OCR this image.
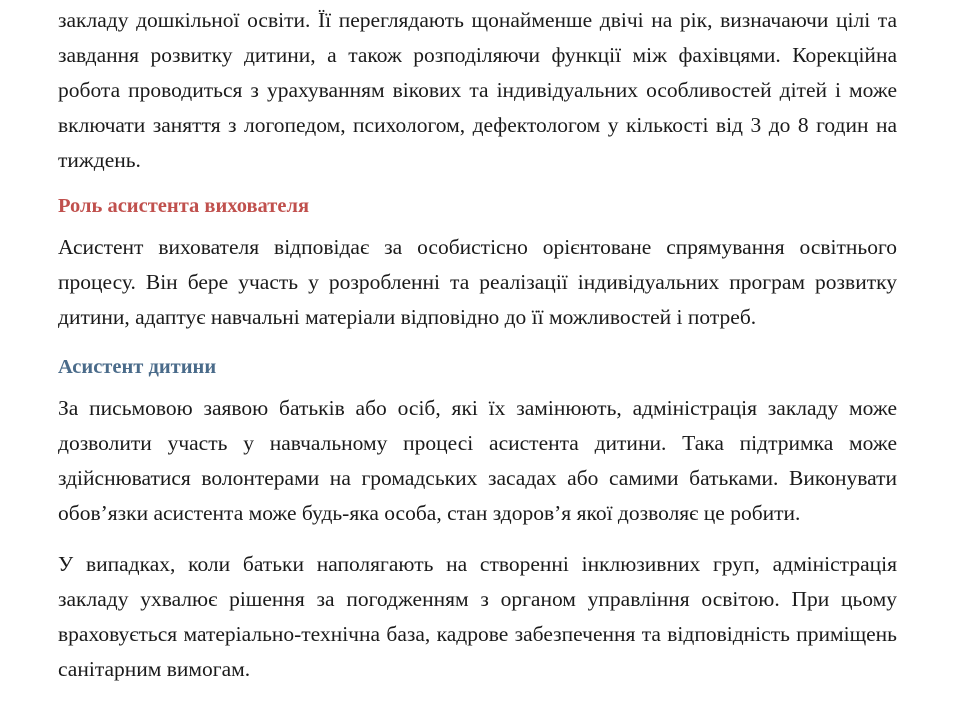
закладу дошкільної освіти. Її переглядають щонайменше двічі на рік, визначаючи цілі та завдання розвитку дитини, а також розподіляючи функції між фахівцями. Корекційна робота проводиться з урахуванням вікових та індивідуальних особливостей дітей і може включати заняття з логопедом, психологом, дефектологом у кількості від 3 до 8 годин на тиждень.

Роль асистента вихователя

Асистент вихователя відповідає за особистісно орієнтоване спрямування освітнього процесу. Він бере участь у розробленні та реалізації індивідуальних програм розвитку дитини, адаптує навчальні матеріали відповідно до її можливостей і потреб.

Асистент дитини

За письмовою заявою батьків або осіб, які їх замінюють, адміністрація закладу може дозволити участь у навчальному процесі асистента дитини. Така підтримка може здійснюватися волонтерами на громадських засадах або самими батьками. Виконувати обов’язки асистента може будь-яка особа, стан здоров’я якої дозволяє це робити.

У випадках, коли батьки наполягають на створенні інклюзивних груп, адміністрація закладу ухвалює рішення за погодженням з органом управління освітою. При цьому враховується матеріально-технічна база, кадрове забезпечення та відповідність приміщень санітарним вимогам.
